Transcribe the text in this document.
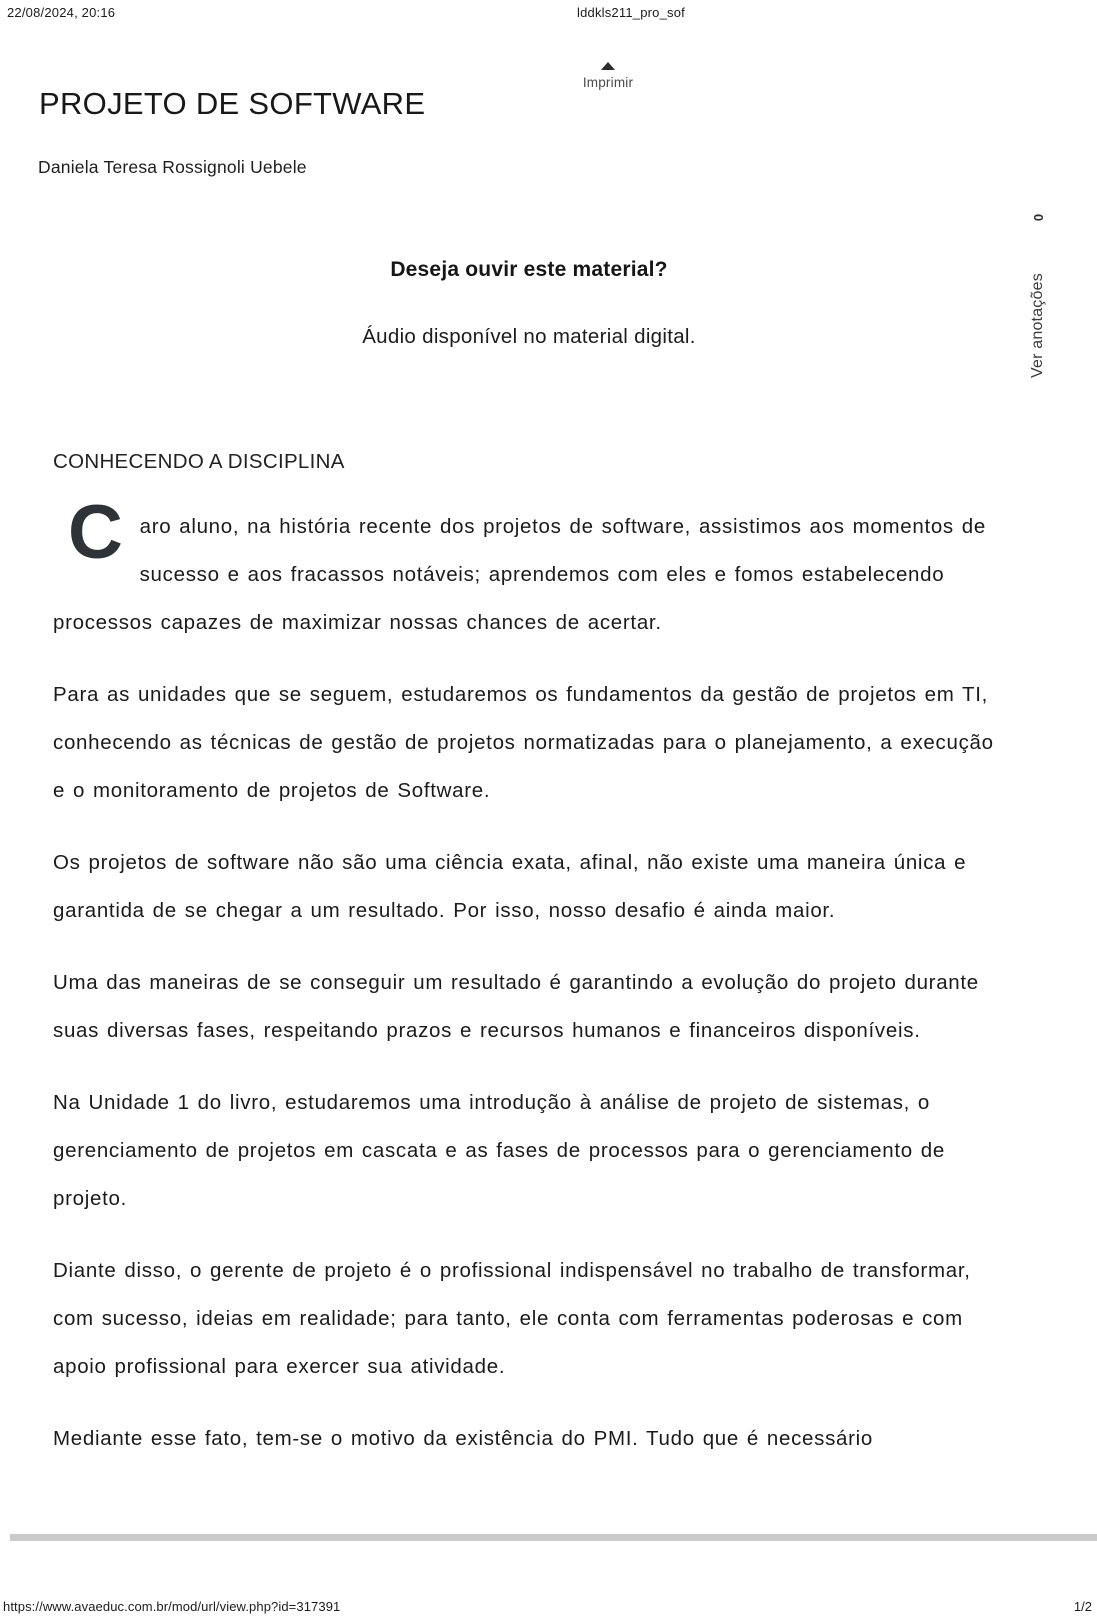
22/08/2024, 20:16	lddkls211_pro_sof
Imprimir
Ver anotações
0
PROJETO DE SOFTWARE
Daniela Teresa Rossignoli Uebele
Deseja ouvir este material?
Áudio disponível no material digital.
CONHECENDO A DISCIPLINA

Caro aluno, na história recente dos projetos de software, assistimos aos momentos de sucesso e aos fracassos notáveis; aprendemos com eles e fomos estabelecendo processos capazes de maximizar nossas chances de acertar.

Para as unidades que se seguem, estudaremos os fundamentos da gestão de projetos em TI, conhecendo as técnicas de gestão de projetos normatizadas para o planejamento, a execução e o monitoramento de projetos de Software.

Os projetos de software não são uma ciência exata, afinal, não existe uma maneira única e garantida de se chegar a um resultado. Por isso, nosso desafio é ainda maior.

Uma das maneiras de se conseguir um resultado é garantindo a evolução do projeto durante suas diversas fases, respeitando prazos e recursos humanos e financeiros disponíveis.

Na Unidade 1 do livro, estudaremos uma introdução à análise de projeto de sistemas, o gerenciamento de projetos em cascata e as fases de processos para o gerenciamento de projeto.

Diante disso, o gerente de projeto é o profissional indispensável no trabalho de transformar, com sucesso, ideias em realidade; para tanto, ele conta com ferramentas poderosas e com apoio profissional para exercer sua atividade.

Mediante esse fato, tem-se o motivo da existência do PMI. Tudo que é necessário

https://www.avaeduc.com.br/mod/url/view.php?id=317391	1/2
